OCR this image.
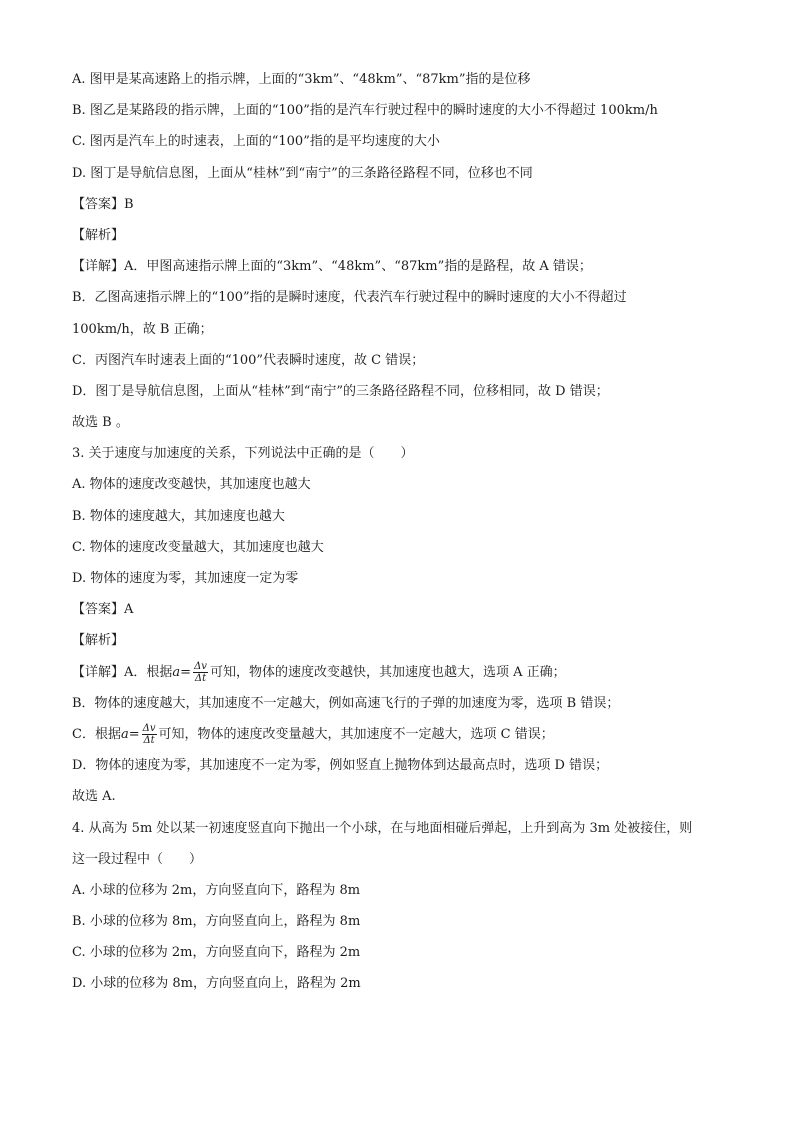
A. 图甲是某高速路上的指示牌，上面的“3km”、“48km”、“87km”指的是位移
B. 图乙是某路段的指示牌，上面的“100”指的是汽车行驶过程中的瞬时速度的大小不得超过 100km/h
C. 图丙是汽车上的时速表，上面的“100”指的是平均速度的大小
D. 图丁是导航信息图，上面从“桂林”到“南宁”的三条路径路程不同，位移也不同
【答案】B
【解析】
【详解】A．甲图高速指示牌上面的“3km”、“48km”、“87km”指的是路程，故 A 错误；
B．乙图高速指示牌上的“100”指的是瞬时速度，代表汽车行驶过程中的瞬时速度的大小不得超过
100km/h，故 B 正确；
C．丙图汽车时速表上面的“100”代表瞬时速度，故 C 错误；
D．图丁是导航信息图，上面从“桂林”到“南宁”的三条路径路程不同，位移相同，故 D 错误；
故选 B 。
3. 关于速度与加速度的关系，下列说法中正确的是（　　）
A. 物体的速度改变越快，其加速度也越大
B. 物体的速度越大，其加速度也越大
C. 物体的速度改变量越大，其加速度也越大
D. 物体的速度为零，其加速度一定为零
【答案】A
【解析】
【详解】A．根据$a= \frac{\Delta v}{\Delta t}$ 可知，物体的速度改变越快，其加速度也越大，选项 A 正确；
B．物体的速度越大，其加速度不一定越大，例如高速飞行的子弹的加速度为零，选项 B 错误；
C．根据$a= \frac{\Delta v}{\Delta t}$ 可知，物体的速度改变量越大，其加速度不一定越大，选项 C 错误；
D．物体的速度为零，其加速度不一定为零，例如竖直上抛物体到达最高点时，选项 D 错误；
故选 A.
4. 从高为 5m 处以某一初速度竖直向下抛出一个小球，在与地面相碰后弹起，上升到高为 3m 处被接住，则
这一段过程中（　　）
A. 小球的位移为 2m，方向竖直向下，路程为 8m
B. 小球的位移为 8m，方向竖直向上，路程为 8m
C. 小球的位移为 2m，方向竖直向下，路程为 2m
D. 小球的位移为 8m，方向竖直向上，路程为 2m
